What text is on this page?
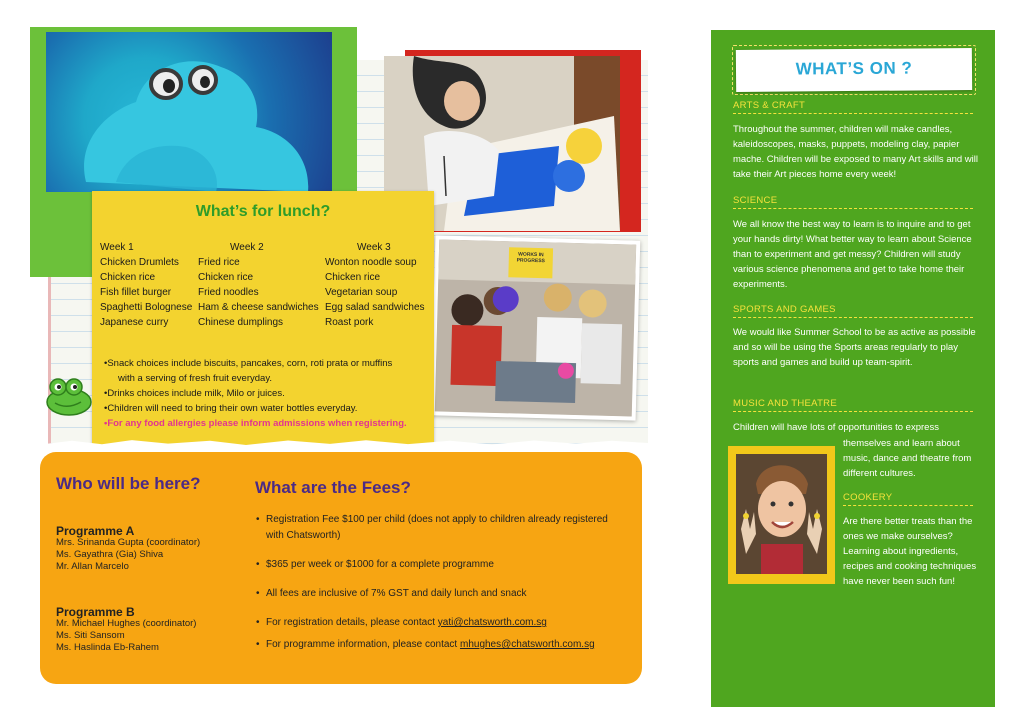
WORKS IN PROGRESS
What’s for lunch?
Week 1
Chicken Drumlets
Chicken rice
Fish fillet burger
Spaghetti Bolognese
Japanese curry
Week 2
Fried rice
Chicken rice
Fried noodles
Ham & cheese sandwiches
Chinese dumplings
Week 3
Wonton noodle soup
Chicken rice
Vegetarian soup
Egg salad sandwiches
Roast pork
•Snack choices include biscuits, pancakes, corn, roti prata or muffins
with a serving of fresh fruit everyday.
•Drinks choices include milk, Milo or juices.
•Children will need to bring their own water bottles everyday.
•For any food allergies please inform admissions when registering.
Who will be here?
Programme A
Mrs. Srinanda Gupta (coordinator)
Ms. Gayathra (Gia) Shiva
Mr. Allan Marcelo
Programme B
Mr. Michael Hughes (coordinator)
Ms. Siti Sansom
Ms. Haslinda Eb-Rahem
What are the Fees?
• Registration Fee $100 per child (does not apply to children already registered with Chatsworth)
• $365 per week or $1000 for a complete programme
• All fees are inclusive of 7% GST and daily lunch and snack
• For registration details, please contact yati@chatsworth.com.sg
• For programme information, please contact mhughes@chatsworth.com.sg
WHAT’S ON ?
ARTS & CRAFT
Throughout the summer, children will make candles, kaleidoscopes, masks, puppets, modeling clay, papier mache. Children will be exposed to many Art skills and will take their Art pieces home every week!
SCIENCE
We all know the best way to learn is to inquire and to get your hands dirty! What better way to learn about Science than to experiment and get messy? Children will study various science phenomena and get to take home their experiments.
SPORTS AND GAMES
We would like Summer School to be as active as possible and so will be using the Sports areas regularly to play sports and games and build up team-spirit.
MUSIC AND THEATRE
Children will have lots of opportunities to express
themselves and learn about music, dance and theatre from different cultures.
COOKERY
Are there better treats than the ones we make ourselves? Learning about ingredients, recipes and cooking techniques have never been such fun!
